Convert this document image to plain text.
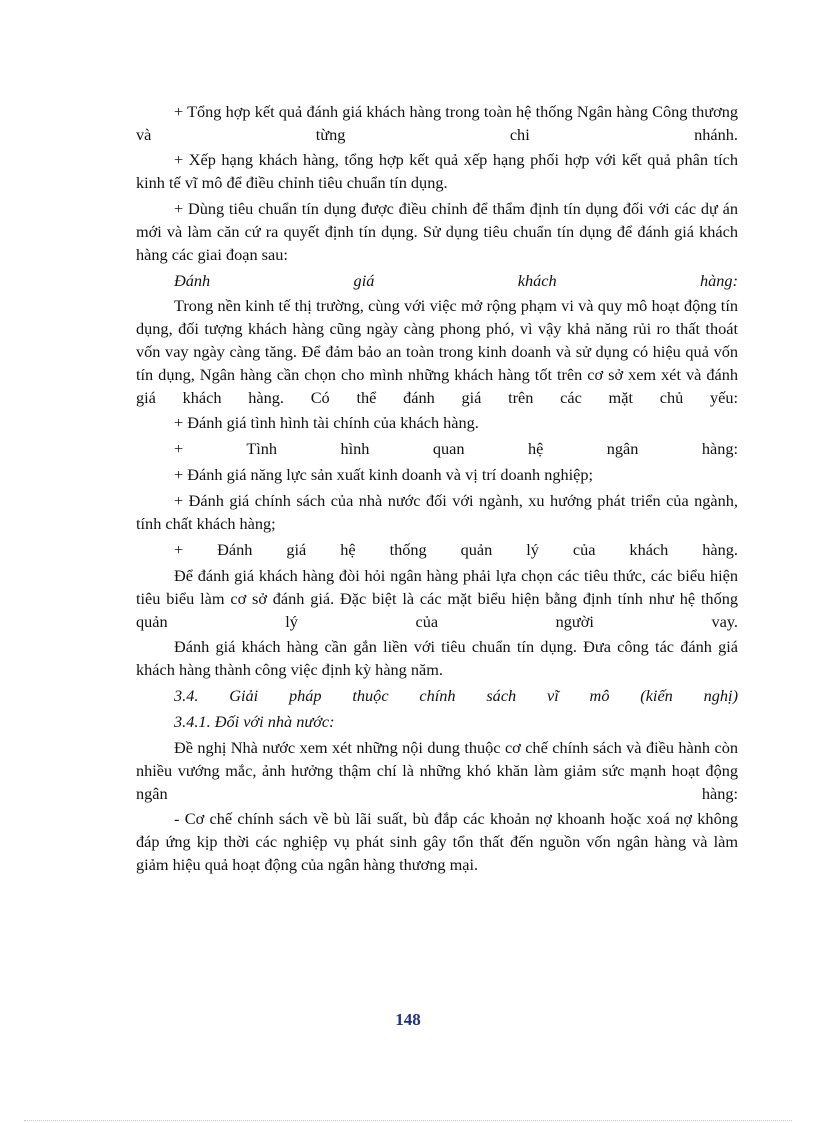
+ Tổng hợp kết quả đánh giá khách hàng trong toàn hệ thống Ngân hàng Công thương và từng chi nhánh.

+ Xếp hạng khách hàng, tổng hợp kết quả xếp hạng phối hợp với kết quả phân tích kinh tế vĩ mô để điều chỉnh tiêu chuẩn tín dụng.

+ Dùng tiêu chuẩn tín dụng được điều chỉnh để thẩm định tín dụng đối với các dự án mới và làm căn cứ ra quyết định tín dụng. Sử dụng tiêu chuẩn tín dụng để đánh giá khách hàng các giai đoạn sau:

Đánh giá khách hàng:

Trong nền kinh tế thị trường, cùng với việc mở rộng phạm vi và quy mô hoạt động tín dụng, đối tượng khách hàng cũng ngày càng phong phó, vì vậy khả năng rủi ro thất thoát vốn vay ngày càng tăng. Để đảm bảo an toàn trong kinh doanh và sử dụng có hiệu quả vốn tín dụng, Ngân hàng cần chọn cho mình những khách hàng tốt trên cơ sở xem xét và đánh giá khách hàng. Có thể đánh giá trên các mặt chủ yếu:

+ Đánh giá tình hình tài chính của khách hàng.

+ Tình hình quan hệ ngân hàng:

+ Đánh giá năng lực sản xuất kinh doanh và vị trí doanh nghiệp;

+ Đánh giá chính sách của nhà nước đối với ngành, xu hướng phát triển của ngành, tính chất khách hàng;

+ Đánh giá hệ thống quản lý của khách hàng.

Để đánh giá khách hàng đòi hỏi ngân hàng phải lựa chọn các tiêu thức, các biểu hiện tiêu biểu làm cơ sở đánh giá. Đặc biệt là các mặt biểu hiện bằng định tính như hệ thống quản lý của người vay.

Đánh giá khách hàng cần gắn liền với tiêu chuẩn tín dụng. Đưa công tác đánh giá khách hàng thành công việc định kỳ hàng năm.

3.4. Giải pháp thuộc chính sách vĩ mô (kiến nghị)

3.4.1. Đối với nhà nước:

Đề nghị Nhà nước xem xét những nội dung thuộc cơ chế chính sách và điều hành còn nhiều vướng mắc, ảnh hưởng thậm chí là những khó khăn làm giảm sức mạnh hoạt động ngân hàng:

- Cơ chế chính sách về bù lãi suất, bù đắp các khoản nợ khoanh hoặc xoá nợ không đáp ứng kịp thời các nghiệp vụ phát sinh gây tổn thất đến nguồn vốn ngân hàng và làm giảm hiệu quả hoạt động của ngân hàng thương mại.

148
